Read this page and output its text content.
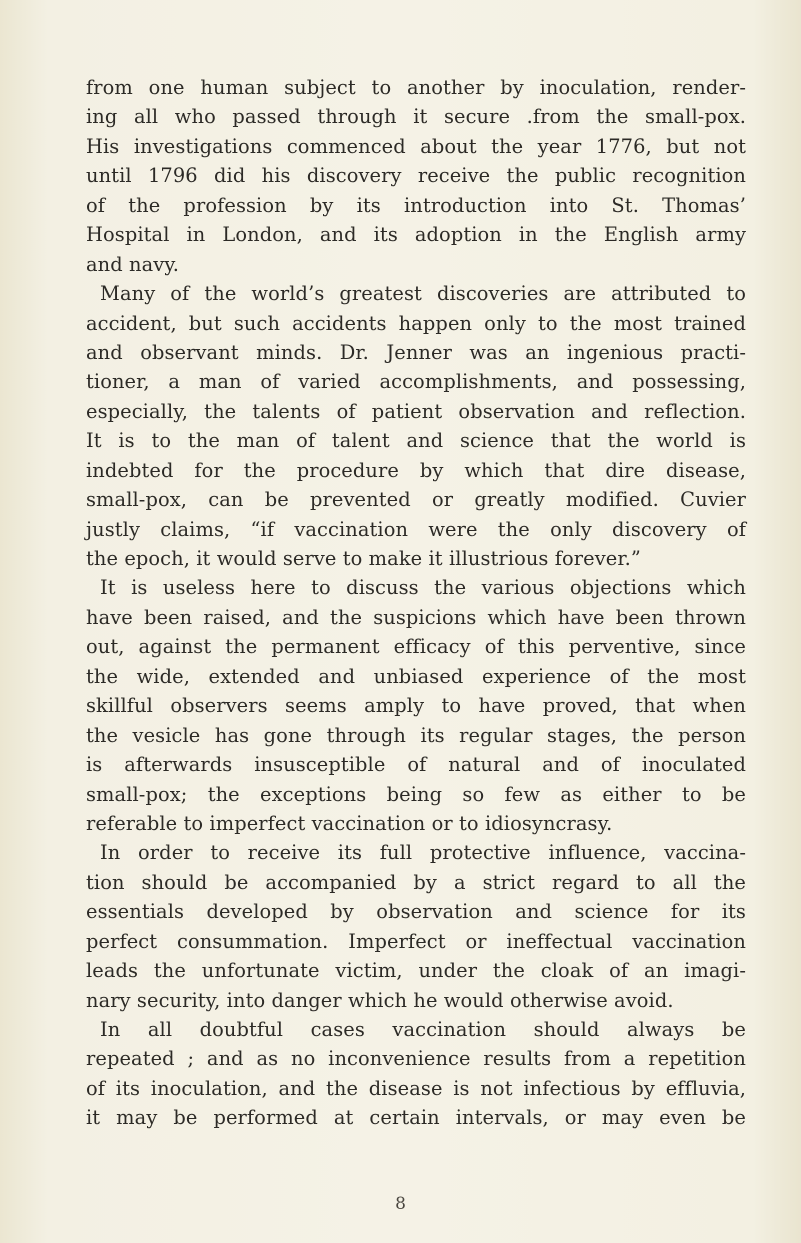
from one human subject to another by inoculation, render-
ing all who passed through it secure .from the small-pox.
His investigations commenced about the year 1776, but not
until 1796 did his discovery receive the public recognition
of the profession by its introduction into St. Thomas’
Hospital in London, and its adoption in the English army
and navy.
Many of the world’s greatest discoveries are attributed to
accident, but such accidents happen only to the most trained
and observant minds. Dr. Jenner was an ingenious practi-
tioner, a man of varied accomplishments, and possessing,
especially, the talents of patient observation and reflection.
It is to the man of talent and science that the world is
indebted for the procedure by which that dire disease,
small-pox, can be prevented or greatly modified. Cuvier
justly claims, “if vaccination were the only discovery of
the epoch, it would serve to make it illustrious forever.”
It is useless here to discuss the various objections which
have been raised, and the suspicions which have been thrown
out, against the permanent efficacy of this perventive, since
the wide, extended and unbiased experience of the most
skillful observers seems amply to have proved, that when
the vesicle has gone through its regular stages, the person
is afterwards insusceptible of natural and of inoculated
small-pox; the exceptions being so few as either to be
referable to imperfect vaccination or to idiosyncrasy.
In order to receive its full protective influence, vaccina-
tion should be accompanied by a strict regard to all the
essentials developed by observation and science for its
perfect consummation. Imperfect or ineffectual vaccination
leads the unfortunate victim, under the cloak of an imagi-
nary security, into danger which he would otherwise avoid.
In all doubtful cases vaccination should always be
repeated ; and as no inconvenience results from a repetition
of its inoculation, and the disease is not infectious by effluvia,
it may be performed at certain intervals, or may even be
8
